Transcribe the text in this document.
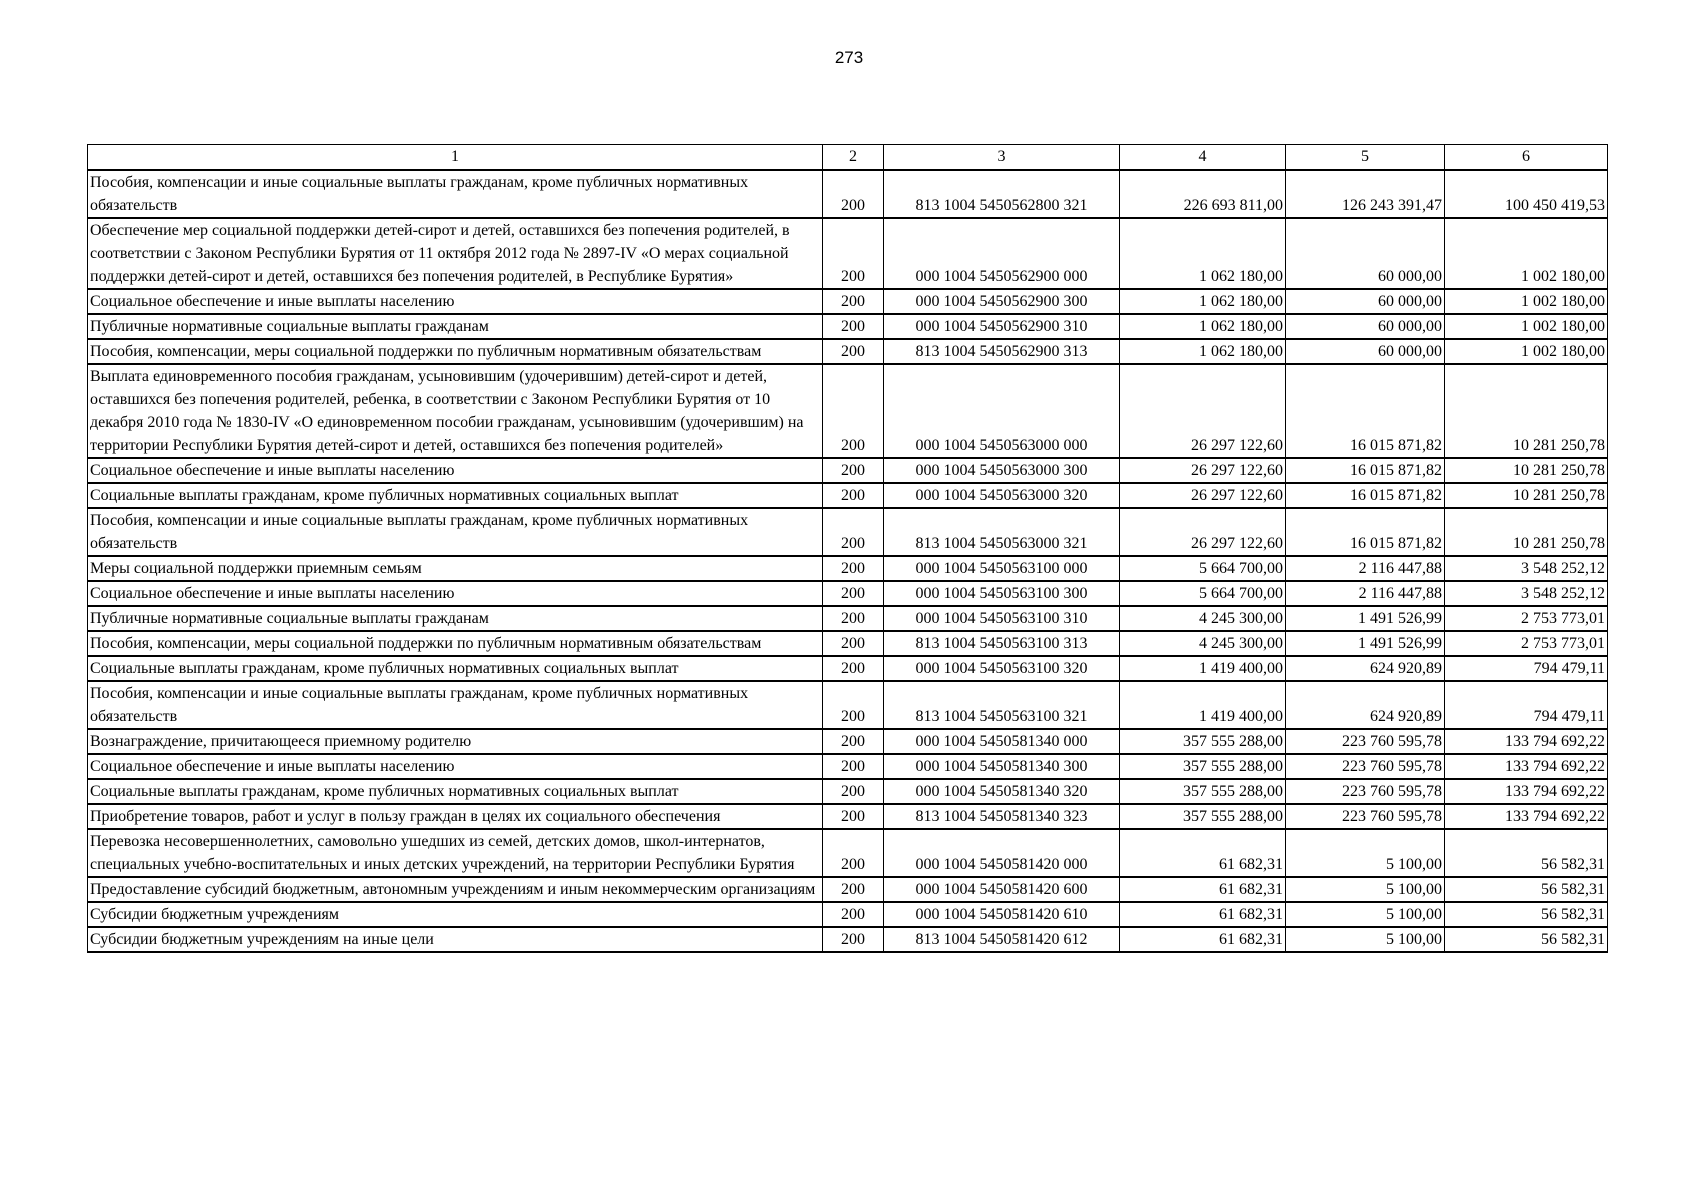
273
1	2	3	4	5	6
Пособия, компенсации и иные социальные выплаты гражданам, кроме публичных нормативных обязательств	200	813 1004 5450562800 321	226 693 811,00	126 243 391,47	100 450 419,53
Обеспечение мер социальной поддержки детей-сирот и детей, оставшихся без попечения родителей, в соответствии с Законом Республики Бурятия от 11 октября 2012 года № 2897-IV «О мерах социальной поддержки детей-сирот и детей, оставшихся без попечения родителей, в Республике Бурятия»	200	000 1004 5450562900 000	1 062 180,00	60 000,00	1 002 180,00
Социальное обеспечение и иные выплаты населению	200	000 1004 5450562900 300	1 062 180,00	60 000,00	1 002 180,00
Публичные нормативные социальные выплаты гражданам	200	000 1004 5450562900 310	1 062 180,00	60 000,00	1 002 180,00
Пособия, компенсации, меры социальной поддержки по публичным нормативным обязательствам	200	813 1004 5450562900 313	1 062 180,00	60 000,00	1 002 180,00
Выплата единовременного пособия гражданам, усыновившим (удочерившим) детей-сирот и детей, оставшихся без попечения родителей, ребенка, в соответствии с Законом Республики Бурятия от 10 декабря 2010 года № 1830-IV «О единовременном пособии гражданам, усыновившим (удочерившим) на территории Республики Бурятия детей-сирот и детей, оставшихся без попечения родителей»	200	000 1004 5450563000 000	26 297 122,60	16 015 871,82	10 281 250,78
Социальное обеспечение и иные выплаты населению	200	000 1004 5450563000 300	26 297 122,60	16 015 871,82	10 281 250,78
Социальные выплаты гражданам, кроме публичных нормативных социальных выплат	200	000 1004 5450563000 320	26 297 122,60	16 015 871,82	10 281 250,78
Пособия, компенсации и иные социальные выплаты гражданам, кроме публичных нормативных обязательств	200	813 1004 5450563000 321	26 297 122,60	16 015 871,82	10 281 250,78
Меры социальной поддержки приемным семьям	200	000 1004 5450563100 000	5 664 700,00	2 116 447,88	3 548 252,12
Социальное обеспечение и иные выплаты населению	200	000 1004 5450563100 300	5 664 700,00	2 116 447,88	3 548 252,12
Публичные нормативные социальные выплаты гражданам	200	000 1004 5450563100 310	4 245 300,00	1 491 526,99	2 753 773,01
Пособия, компенсации, меры социальной поддержки по публичным нормативным обязательствам	200	813 1004 5450563100 313	4 245 300,00	1 491 526,99	2 753 773,01
Социальные выплаты гражданам, кроме публичных нормативных социальных выплат	200	000 1004 5450563100 320	1 419 400,00	624 920,89	794 479,11
Пособия, компенсации и иные социальные выплаты гражданам, кроме публичных нормативных обязательств	200	813 1004 5450563100 321	1 419 400,00	624 920,89	794 479,11
Вознаграждение, причитающееся приемному родителю	200	000 1004 5450581340 000	357 555 288,00	223 760 595,78	133 794 692,22
Социальное обеспечение и иные выплаты населению	200	000 1004 5450581340 300	357 555 288,00	223 760 595,78	133 794 692,22
Социальные выплаты гражданам, кроме публичных нормативных социальных выплат	200	000 1004 5450581340 320	357 555 288,00	223 760 595,78	133 794 692,22
Приобретение товаров, работ и услуг в пользу граждан в целях их социального обеспечения	200	813 1004 5450581340 323	357 555 288,00	223 760 595,78	133 794 692,22
Перевозка несовершеннолетних, самовольно ушедших из семей, детских домов, школ-интернатов, специальных учебно-воспитательных и иных детских учреждений, на территории Республики Бурятия	200	000 1004 5450581420 000	61 682,31	5 100,00	56 582,31
Предоставление субсидий бюджетным, автономным учреждениям и иным некоммерческим организациям	200	000 1004 5450581420 600	61 682,31	5 100,00	56 582,31
Субсидии бюджетным учреждениям	200	000 1004 5450581420 610	61 682,31	5 100,00	56 582,31
Субсидии бюджетным учреждениям на иные цели	200	813 1004 5450581420 612	61 682,31	5 100,00	56 582,31
